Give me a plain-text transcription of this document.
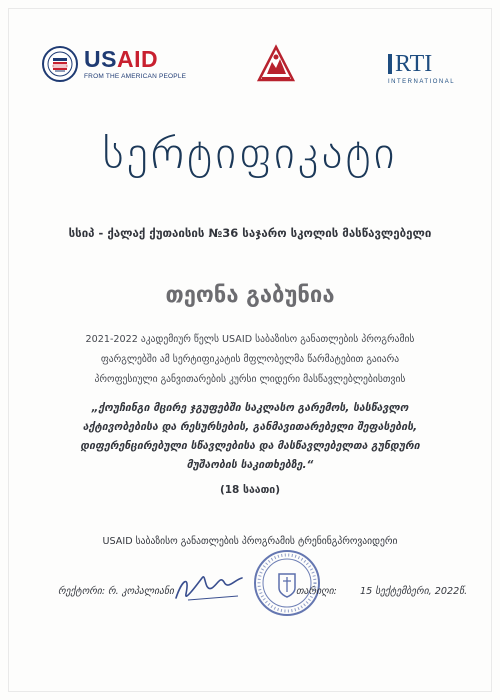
USAID
FROM THE AMERICAN PEOPLE	RTI
INTERNATIONAL
სერტიფიკატი
სსიპ - ქალაქ ქუთაისის №36 საჯარო სკოლის მასწავლებელი
თეონა გაბუნია
2021-2022 აკადემიურ წელს USAID საბაზისო განათლების პროგრამის
ფარგლებში ამ სერტიფიკატის მფლობელმა წარმატებით გაიარა
პროფესიული განვითარების კურსი ლიდერი მასწავლებლებისთვის
„ქოუჩინგი მცირე ჯგუფებში საკლასო გარემოს, სასწავლო
აქტივობებისა და რესურსების, განმავითარებელი შეფასების,
დიფერენცირებული სწავლებისა და მასწავლებელთა გუნდური
მუშაობის საკითხებზე.“
(18 საათი)
USAID საბაზისო განათლების პროგრამის ტრენინგპროვაიდერი
რექტორი: რ. კოპალიანი	თარიღი: 15 სექტემბერი, 2022წ.
